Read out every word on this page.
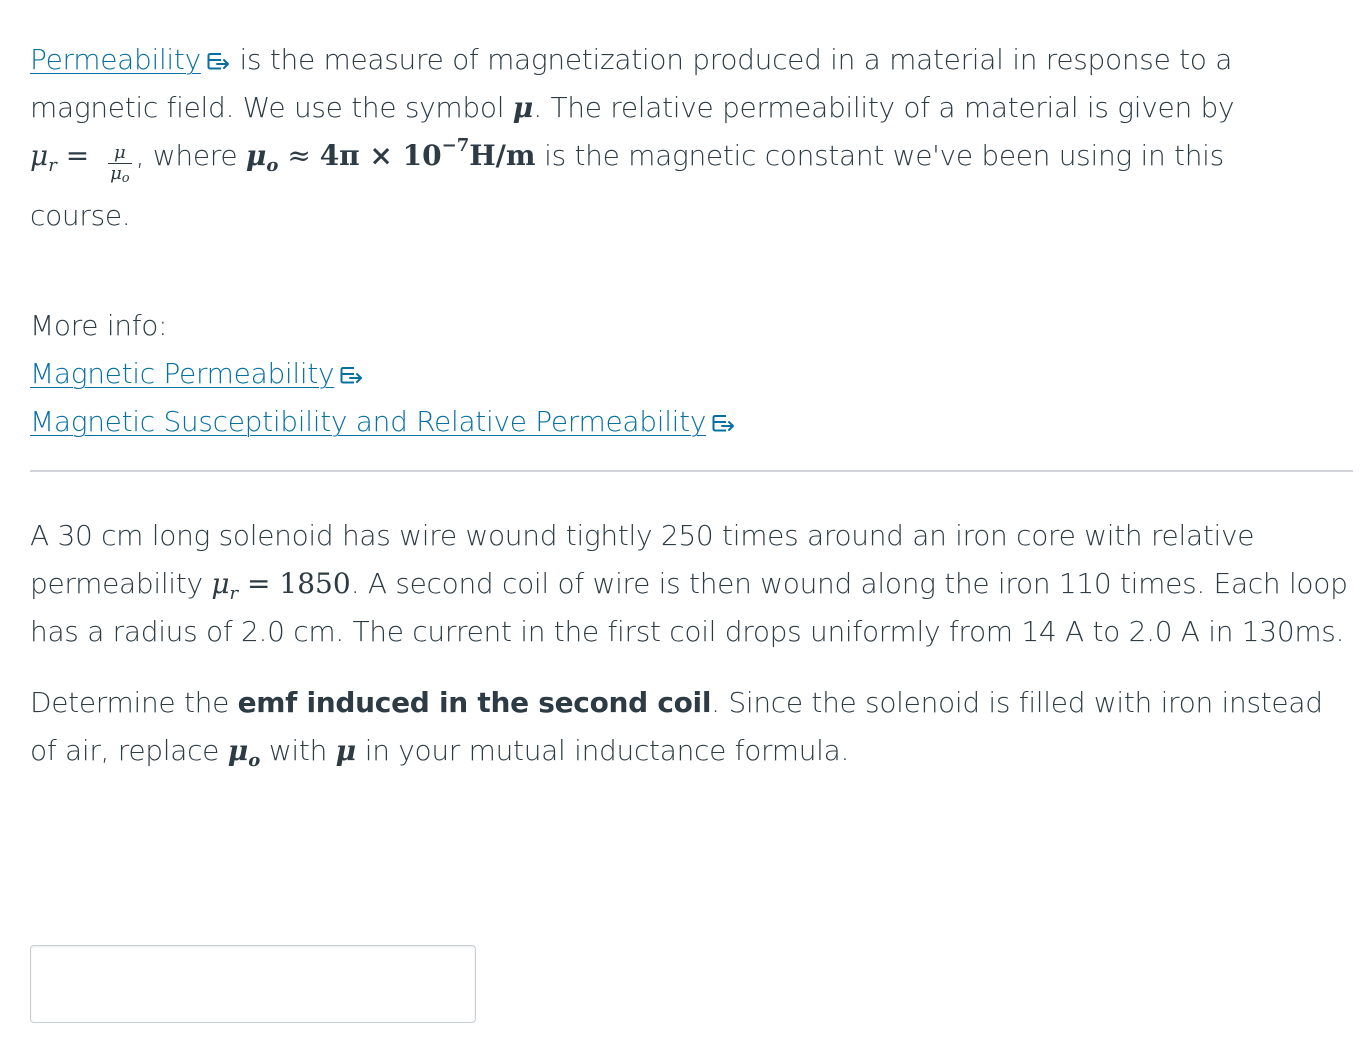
Permeability
is the measure of magnetization produced in a material in response to a magnetic field. We use the symbol μ. The relative permeability of a material is given by
$\mu_r = \frac{\mu}{\mu_o}$ , where $\mu_o \approx 4\pi \times 10^{-7}H/m$ is the magnetic constant we've been using in this

course.

More info:

Magnetic Permeability

Magnetic Susceptibility and Relative Permeability

A 30 cm long solenoid has wire wound tightly 250 times around an iron core with relative permeability $\mu_r = 1850$. A second coil of wire is then wound along the iron 110 times. Each loop has a radius of 2.0 cm. The current in the first coil drops uniformly from 14 A to 2.0 A in 130ms.

Determine the emf induced in the second coil. Since the solenoid is filled with iron instead of air, replace $\mu_o$ with μ in your mutual inductance formula.
